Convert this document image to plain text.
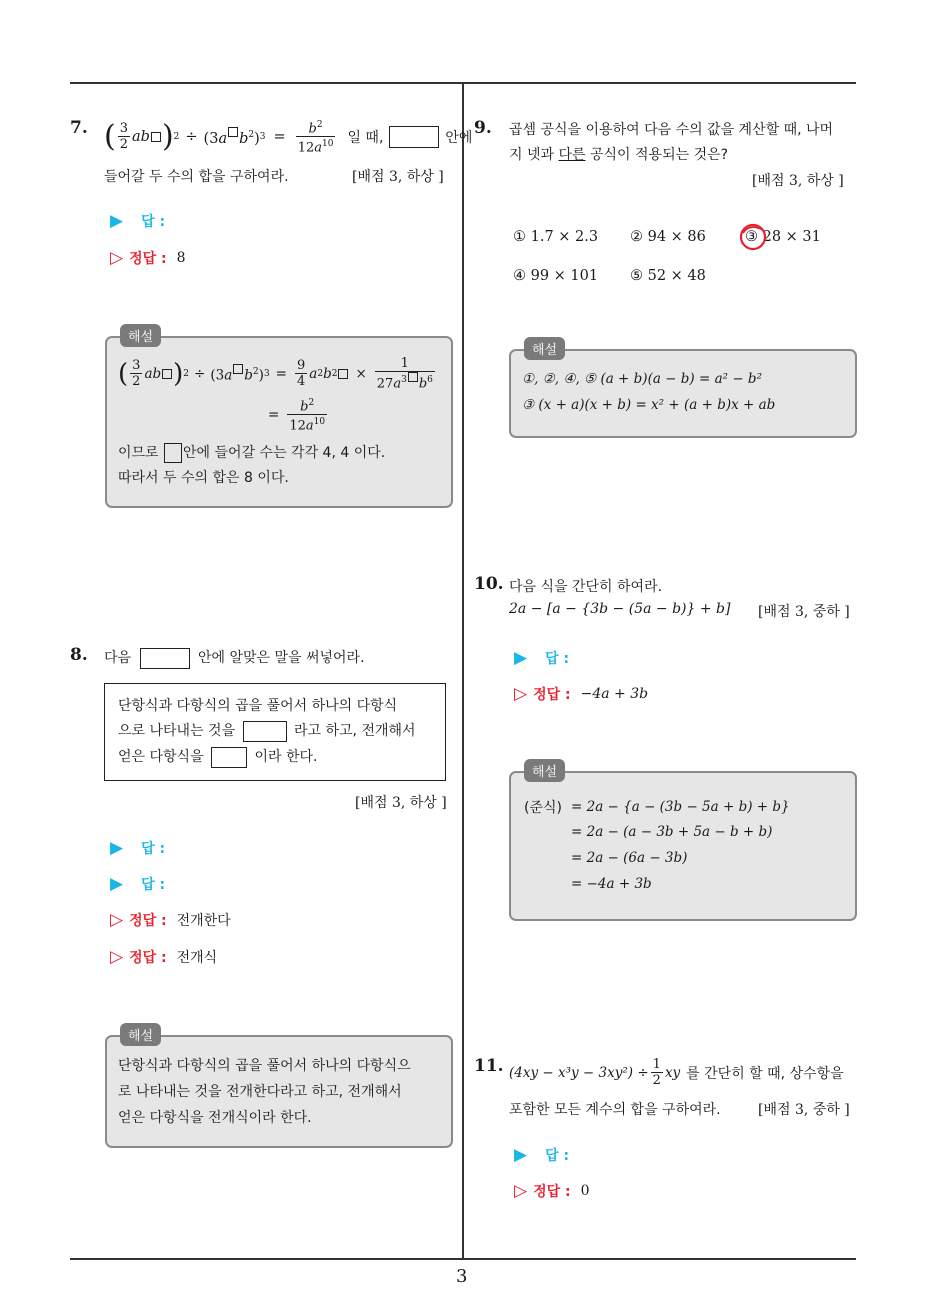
7. ( $\frac{3}{2}$ ab ) 2 ÷ (3a $b^2$) $3 = \frac{b^2}{12a^{10}}$ 일 때,	안에
들어갈 두 수의 합을 구하여라.	[배점 3, 하상 ]
▶ 답 :
▷ 정답 : 8
해설
( $\frac{3}{2}$ ab ) 2 ÷ (3a $b^2$) $3 = \frac{9}{4}$ a 2 b $2 \times \frac{1}{27a^3 b^6}$
= $\frac{b^2}{12a^{10}}$
이므로 안에 들어갈 수는 각각 4, 4 이다.
따라서 두 수의 합은 8 이다.
8. 다음	안에 알맞은 말을 써넣어라.
단항식과 다항식의 곱을 풀어서 하나의 다항식
으로 나타내는 것을	라고 하고, 전개해서
얻은 다항식을	이라 한다.
[배점 3, 하상 ]
▶ 답 :
▶ 답 :
▷ 정답 : 전개한다
▷ 정답 : 전개식
해설
단항식과 다항식의 곱을 풀어서 하나의 다항식으
로 나타내는 것을 전개한다라고 하고, 전개해서
얻은 다항식을 전개식이라 한다.
9. 곱셈 공식을 이용하여 다음 수의 값을 계산할 때, 나머
지 넷과 다른 공식이 적용되는 것은?
[배점 3, 하상 ]
① 1.7 × 2.3 ② 94 × 86	③ 28 × 31
④ 99 × 101 ⑤ 52 × 48
해설
①, ②, ④, ⑤ (a + b)(a − b) = a² − b²
③ (x + a)(x + b) = x² + (a + b)x + ab
10. 다음 식을 간단히 하여라.
2a − [a − {3b − (5a − b)} + b] [배점 3, 중하 ]
▶ 답 :
▷ 정답 : −4a + 3b
해설
(준식) = 2a − {a − (3b − 5a + b) + b}
= 2a − (a − 3b + 5a − b + b)
= 2a − (6a − 3b)
= −4a + 3b
11. $(4xy - x^3y - 3xy^2) \div \frac{1}{2}$ xy 를 간단히 할 때, 상수항을
포함한 모든 계수의 합을 구하여라.	[배점 3, 중하 ]
▶ 답 :
▷ 정답 : 0
3
